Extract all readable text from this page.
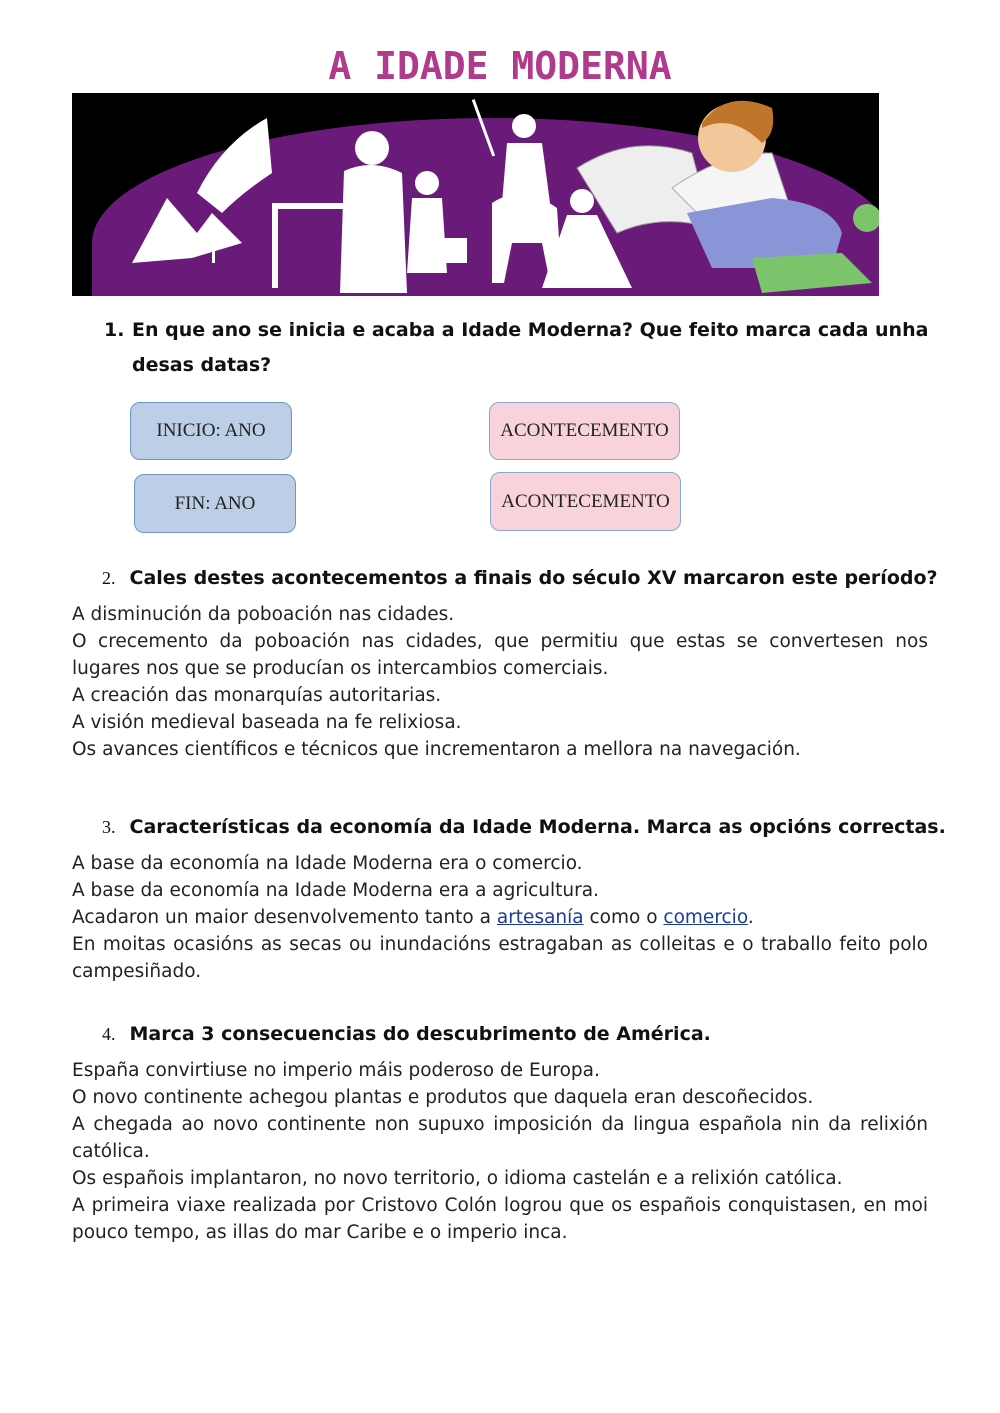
A IDADE MODERNA
1. En que ano se inicia e acaba a Idade Moderna? Que feito marca cada unha desas datas?
INICIO: ANO
FIN: ANO
ACONTECEMENTO
ACONTECEMENTO
2. Cales destes acontecementos a finais do século XV marcaron este período?
A disminución da poboación nas cidades.
O crecemento da poboación nas cidades, que permitiu que estas se convertesen nos lugares nos que se producían os intercambios comerciais.
A creación das monarquías autoritarias.
A visión medieval baseada na fe relixiosa.
Os avances científicos e técnicos que incrementaron a mellora na navegación.
3. Características da economía da Idade Moderna. Marca as opcións correctas.
A base da economía na Idade Moderna era o comercio.
A base da economía na Idade Moderna era a agricultura.
Acadaron un maior desenvolvemento tanto a artesanía como o comercio.
En moitas ocasións as secas ou inundacións estragaban as colleitas e o traballo feito polo campesiñado.
4. Marca 3 consecuencias do descubrimento de América.
España convirtiuse no imperio máis poderoso de Europa.
O novo continente achegou plantas e produtos que daquela eran descoñecidos.
A chegada ao novo continente non supuxo imposición da lingua española nin da relixión católica.
Os españois implantaron, no novo territorio, o idioma castelán e a relixión católica.
A primeira viaxe realizada por Cristovo Colón logrou que os españois conquistasen, en moi pouco tempo, as illas do mar Caribe e o imperio inca.
